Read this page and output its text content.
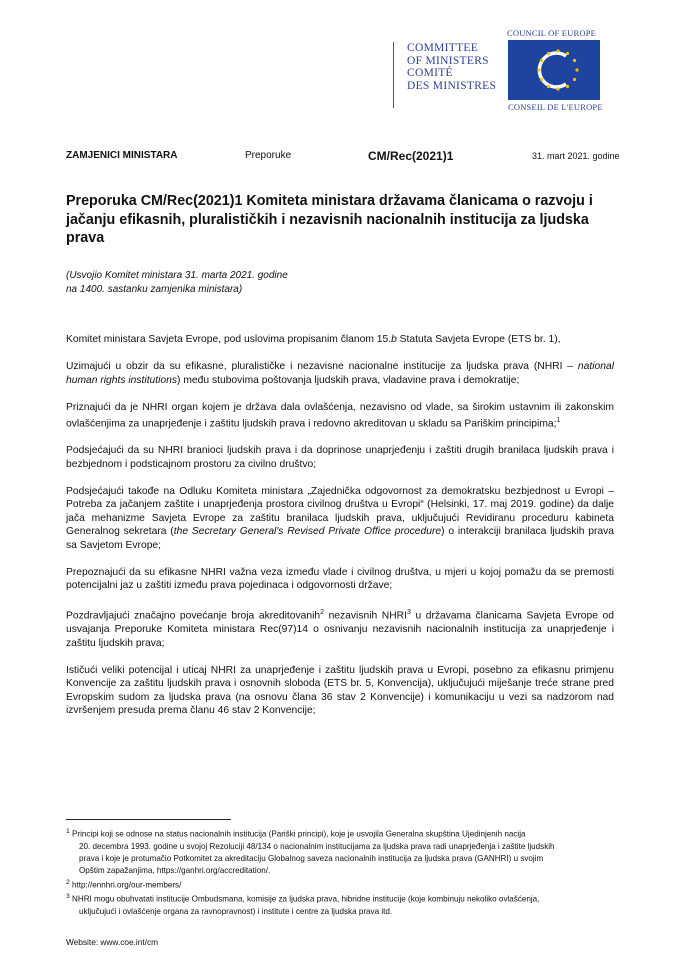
COMMITTEE
OF MINISTERS
COMITÉ
DES MINISTRES
COUNCIL OF EUROPE
CONSEIL DE L'EUROPE
ZAMJENICI MINISTARA	Preporuke	CM/Rec(2021)1	31. mart 2021. godine
Preporuka CM/Rec(2021)1 Komiteta ministara državama članicama o razvoju i jačanju efikasnih, pluralističkih i nezavisnih nacionalnih institucija za ljudska prava
(Usvojio Komitet ministara 31. marta 2021. godine
na 1400. sastanku zamjenika ministara)

Komitet ministara Savjeta Evrope, pod uslovima propisanim članom 15.b Statuta Savjeta Evrope (ETS br. 1),

Uzimajući u obzir da su efikasne, pluralističke i nezavisne nacionalne institucije za ljudska prava (NHRI – national human rights institutions) među stubovima poštovanja ljudskih prava, vladavine prava i demokratije;

Priznajući da je NHRI organ kojem je država dala ovlašćenja, nezavisno od vlade, sa širokim ustavnim ili zakonskim ovlašćenjima za unaprjeđenje i zaštitu ljudskih prava i redovno akreditovan u skladu sa Pariškim principima;$^1$

Podsjećajući da su NHRI branioci ljudskih prava i da doprinose unaprjeđenju i zaštiti drugih branilaca ljudskih prava i bezbjednom i podsticajnom prostoru za civilno društvo;

Podsjećajući takođe na Odluku Komiteta ministara „Zajednička odgovornost za demokratsku bezbjednost u Evropi – Potreba za jačanjem zaštite i unaprjeđenja prostora civilnog društva u Evropi“ (Helsinki, 17. maj 2019. godine) da dalje jača mehanizme Savjeta Evrope za zaštitu branilaca ljudskih prava, uključujući Revidiranu proceduru kabineta Generalnog sekretara (the Secretary General's Revised Private Office procedure) o interakciji branilaca ljudskih prava sa Savjetom Evrope;

Prepoznajući da su efikasne NHRI važna veza između vlade i civilnog društva, u mjeri u kojoj pomažu da se premosti potencijalni jaz u zaštiti između prava pojedinaca i odgovornosti države;

Pozdravljajući značajno povećanje broja akreditovanih$^2$ nezavisnih NHRI$^3$ u državama članicama Savjeta Evrope od usvajanja Preporuke Komiteta ministara Rec(97)14 o osnivanju nezavisnih nacionalnih institucija za unaprjeđenje i zaštitu ljudskih prava;

Ističući veliki potencijal i uticaj NHRI za unaprjeđenje i zaštitu ljudskih prava u Evropi, posebno za efikasnu primjenu Konvencije za zaštitu ljudskih prava i osnovnih sloboda (ETS br. 5, Konvencija), uključujući miješanje treće strane pred Evropskim sudom za ljudska prava (na osnovu člana 36 stav 2 Konvencije) i komunikaciju u vezi sa nadzorom nad izvršenjem presuda prema članu 46 stav 2 Konvencije;

$^1$ Principi koji se odnose na status nacionalnih institucija (Pariški principi), koje je usvojila Generalna skupština Ujedinjenih nacija

20. decembra 1993. godine u svojoj Rezoluciji 48/134 o nacionalnim institucijama za ljudska prava radi unaprjeđenja i zaštite ljudskih

prava i koje je protumačio Potkomitet za akreditaciju Globalnog saveza nacionalnih institucija za ljudska prava (GANHRI) u svojim

Opštim zapažanjima, https://ganhri.org/accreditation/.

$^2$ http://ennhri.org/our-members/

$^3$ NHRI mogu obuhvatati institucije Ombudsmana, komisije za ljudska prava, hibridne institucije (koje kombinuju nekoliko ovlašćenja,

uključujući i ovlašćenje organa za ravnopravnost) i institute i centre za ljudska prava itd.

Website: www.coe.int/cm
